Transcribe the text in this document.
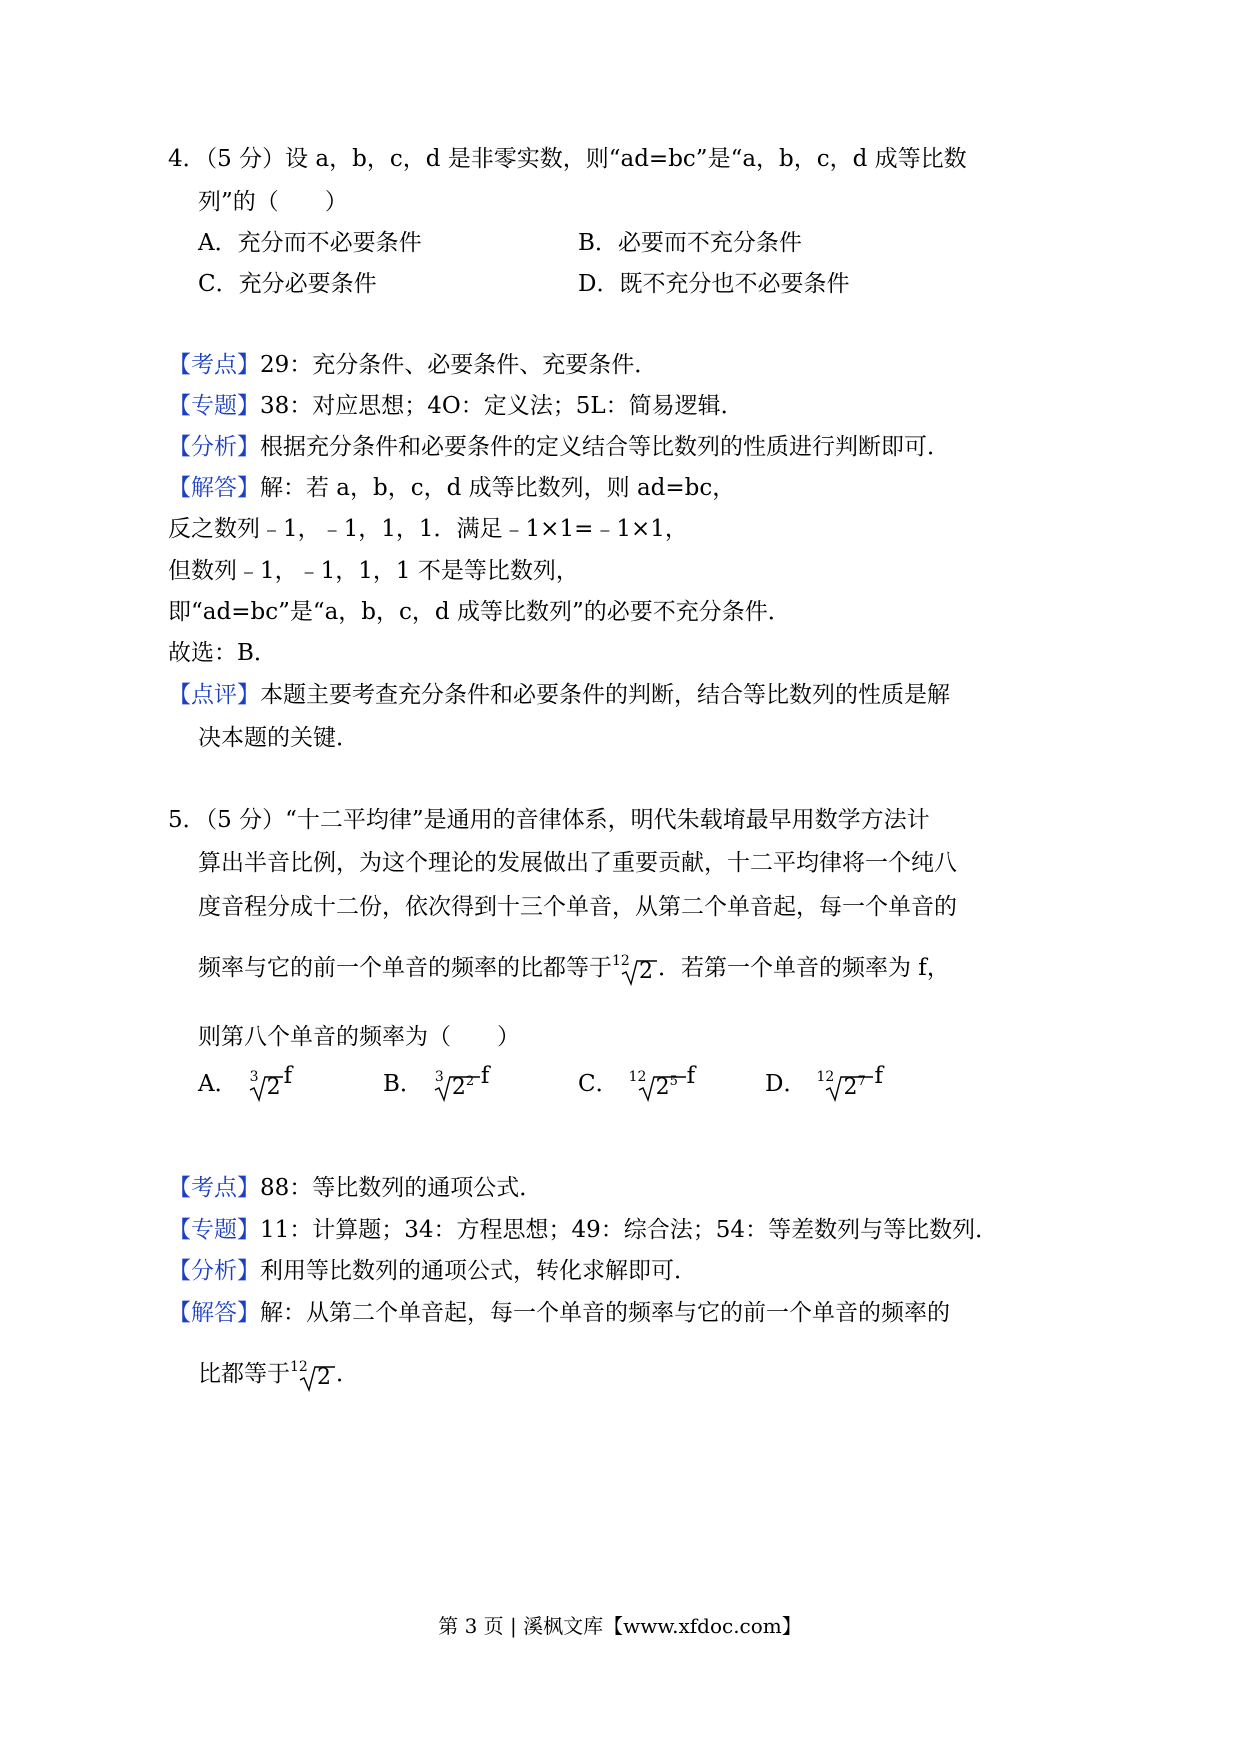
4．（5 分）设 a，b，c，d 是非零实数，则“ad=bc”是“a，b，c，d 成等比数
列”的（　　）
A．充分而不必要条件	B．必要而不充分条件
C．充分必要条件	D．既不充分也不必要条件
【考点】29：充分条件、必要条件、充要条件．
【专题】38：对应思想；4O：定义法；5L：简易逻辑．
【分析】根据充分条件和必要条件的定义结合等比数列的性质进行判断即可．
【解答】解：若 a，b，c，d 成等比数列，则 ad=bc，
反之数列﹣1，﹣1，1，1．满足﹣1×1=﹣1×1，
但数列﹣1，﹣1，1，1 不是等比数列，
即“ad=bc”是“a，b，c，d 成等比数列”的必要不充分条件．
故选：B．
【点评】本题主要考查充分条件和必要条件的判断，结合等比数列的性质是解
决本题的关键．
5．（5 分）“十二平均律”是通用的音律体系，明代朱载堉最早用数学方法计
算出半音比例，为这个理论的发展做出了重要贡献，十二平均律将一个纯八
度音程分成十二份，依次得到十三个单音，从第二个单音起，每一个单音的
频率与它的前一个单音的频率的比都等于 12 2 ．若第一个单音的频率为 f，
则第八个单音的频率为（　　）
A． 3 2 f	B． 3 $2^2$ f	C． 12 $2^5$ f	D． 12 $2^7$ f
【考点】88：等比数列的通项公式．
【专题】11：计算题；34：方程思想；49：综合法；54：等差数列与等比数列．
【分析】利用等比数列的通项公式，转化求解即可．
【解答】解：从第二个单音起，每一个单音的频率与它的前一个单音的频率的
比都等于 12 2 ．
第 3 页 | 溪枫文库【www.xfdoc.com】
